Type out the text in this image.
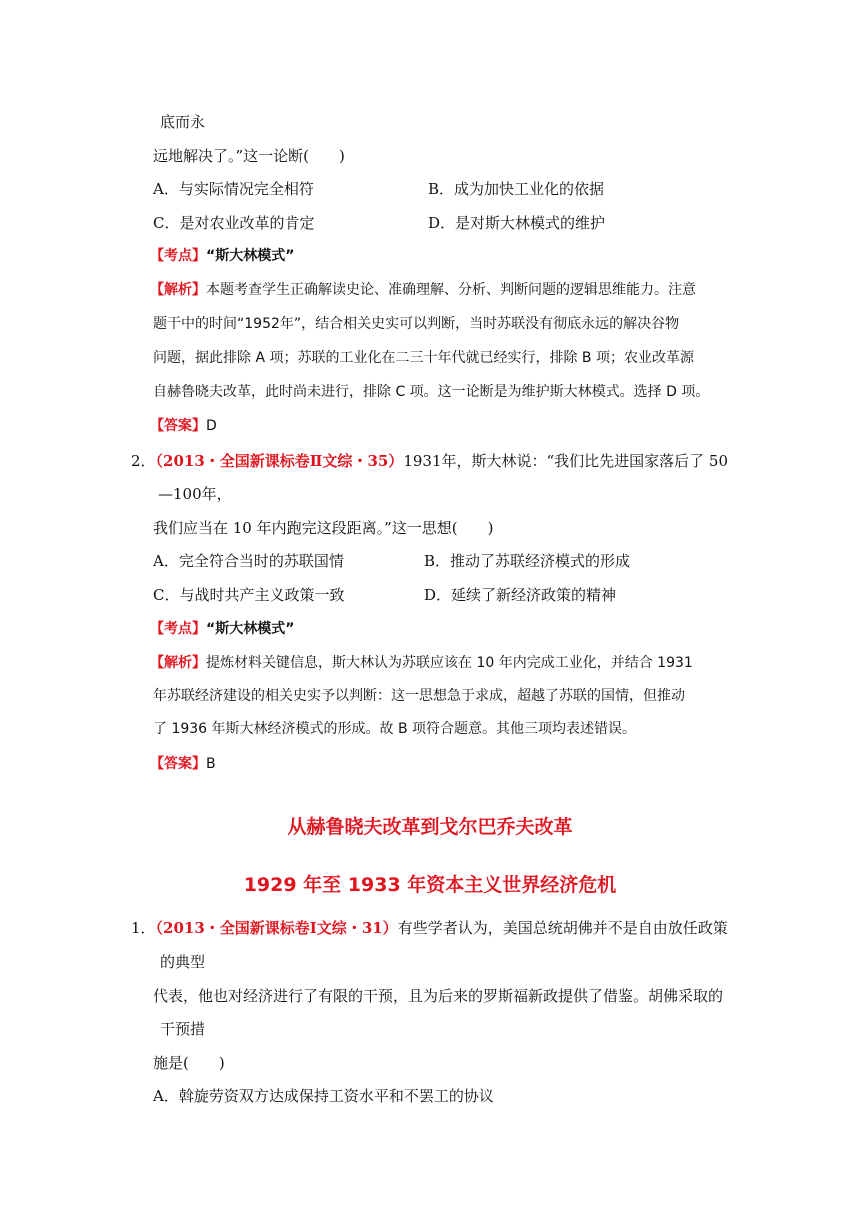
底而永
远地解决了。”这一论断(　　)
A．与实际情况完全相符	B．成为加快工业化的依据
C．是对农业改革的肯定	D．是对斯大林模式的维护
【考点】“斯大林模式”
【解析】本题考查学生正确解读史论、准确理解、分析、判断问题的逻辑思维能力。注意
题干中的时间“1952年”，结合相关史实可以判断，当时苏联没有彻底永远的解决谷物
问题，据此排除 A 项；苏联的工业化在二三十年代就已经实行，排除 B 项；农业改革源
自赫鲁晓夫改革，此时尚未进行，排除 C 项。这一论断是为维护斯大林模式。选择 D 项。
【答案】D
2．（2013・全国新课标卷Ⅱ文综・35）1931年，斯大林说：“我们比先进国家落后了 50
—100年，
我们应当在 10 年内跑完这段距离。”这一思想(　　)
A．完全符合当时的苏联国情	B．推动了苏联经济模式的形成
C．与战时共产主义政策一致	D．延续了新经济政策的精神
【考点】“斯大林模式”
【解析】提炼材料关键信息，斯大林认为苏联应该在 10 年内完成工业化，并结合 1931
年苏联经济建设的相关史实予以判断：这一思想急于求成，超越了苏联的国情，但推动
了 1936 年斯大林经济模式的形成。故 B 项符合题意。其他三项均表述错误。
【答案】B
从赫鲁晓夫改革到戈尔巴乔夫改革
1929 年至 1933 年资本主义世界经济危机
1．（2013・全国新课标卷Ⅰ文综・31）有些学者认为，美国总统胡佛并不是自由放任政策
的典型
代表，他也对经济进行了有限的干预，且为后来的罗斯福新政提供了借鉴。胡佛采取的
干预措
施是(　　)
A．斡旋劳资双方达成保持工资水平和不罢工的协议
